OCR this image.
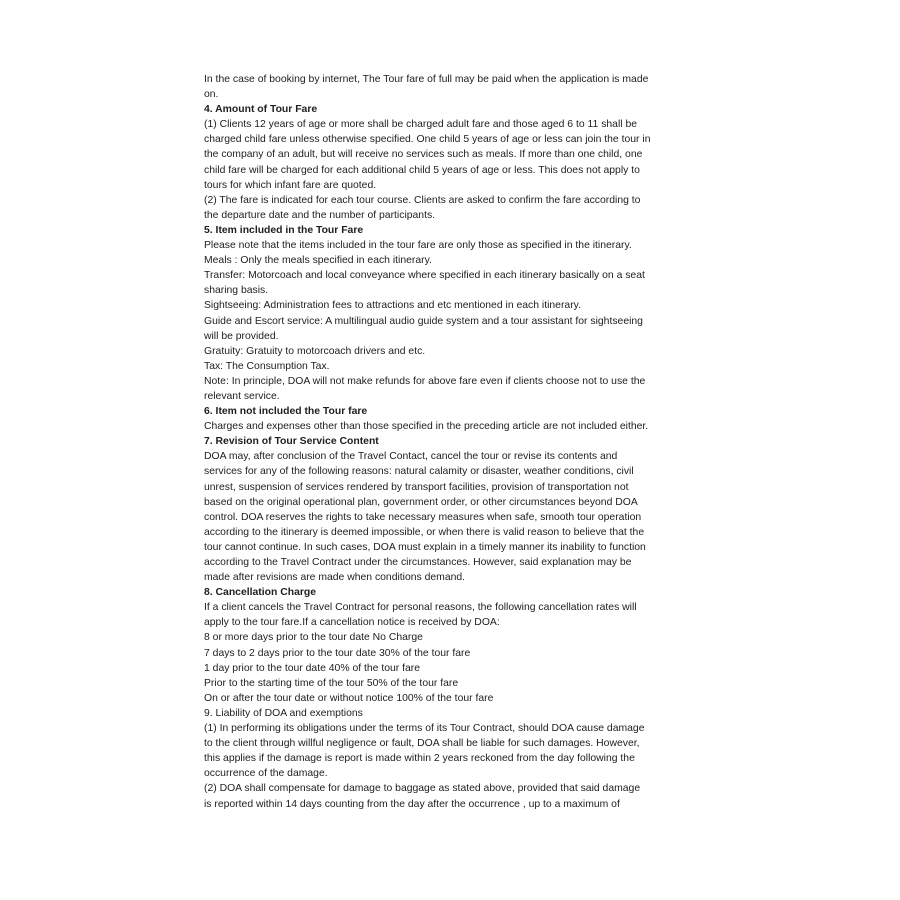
In the case of booking by internet, The Tour fare of full may be paid when the application is made
on.
4. Amount of Tour Fare
(1) Clients 12 years of age or more shall be charged adult fare and those aged 6 to 11 shall be
charged child fare unless otherwise specified. One child 5 years of age or less can join the tour in
the company of an adult, but will receive no services such as meals. If more than one child, one
child fare will be charged for each additional child 5 years of age or less. This does not apply to
tours for which infant fare are quoted.
(2) The fare is indicated for each tour course. Clients are asked to confirm the fare according to
the departure date and the number of participants.
5. Item included in the Tour Fare
Please note that the items included in the tour fare are only those as specified in the itinerary.
Meals : Only the meals specified in each itinerary.
Transfer: Motorcoach and local conveyance where specified in each itinerary basically on a seat
sharing basis.
Sightseeing: Administration fees to attractions and etc mentioned in each itinerary.
Guide and Escort service: A multilingual audio guide system and a tour assistant for sightseeing
will be provided.
Gratuity: Gratuity to motorcoach drivers and etc.
Tax: The Consumption Tax.
Note: In principle, DOA will not make refunds for above fare even if clients choose not to use the
relevant service.
6. Item not included the Tour fare
Charges and expenses other than those specified in the preceding article are not included either.
7. Revision of Tour Service Content
DOA may, after conclusion of the Travel Contact, cancel the tour or revise its contents and
services for any of the following reasons: natural calamity or disaster, weather conditions, civil
unrest, suspension of services rendered by transport facilities, provision of transportation not
based on the original operational plan, government order, or other circumstances beyond DOA
control. DOA reserves the rights to take necessary measures when safe, smooth tour operation
according to the itinerary is deemed impossible, or when there is valid reason to believe that the
tour cannot continue. In such cases, DOA must explain in a timely manner its inability to function
according to the Travel Contract under the circumstances. However, said explanation may be
made after revisions are made when conditions demand.
8. Cancellation Charge
If a client cancels the Travel Contract for personal reasons, the following cancellation rates will
apply to the tour fare.If a cancellation notice is received by DOA:
8 or more days prior to the tour date No Charge
7 days to 2 days prior to the tour date 30% of the tour fare
1 day prior to the tour date 40% of the tour fare
Prior to the starting time of the tour 50% of the tour fare
On or after the tour date or without notice 100% of the tour fare
9. Liability of DOA and exemptions
(1) In performing its obligations under the terms of its Tour Contract, should DOA cause damage
to the client through willful negligence or fault, DOA shall be liable for such damages. However,
this applies if the damage is report is made within 2 years reckoned from the day following the
occurrence of the damage.
(2) DOA shall compensate for damage to baggage as stated above, provided that said damage
is reported within 14 days counting from the day after the occurrence , up to a maximum of
